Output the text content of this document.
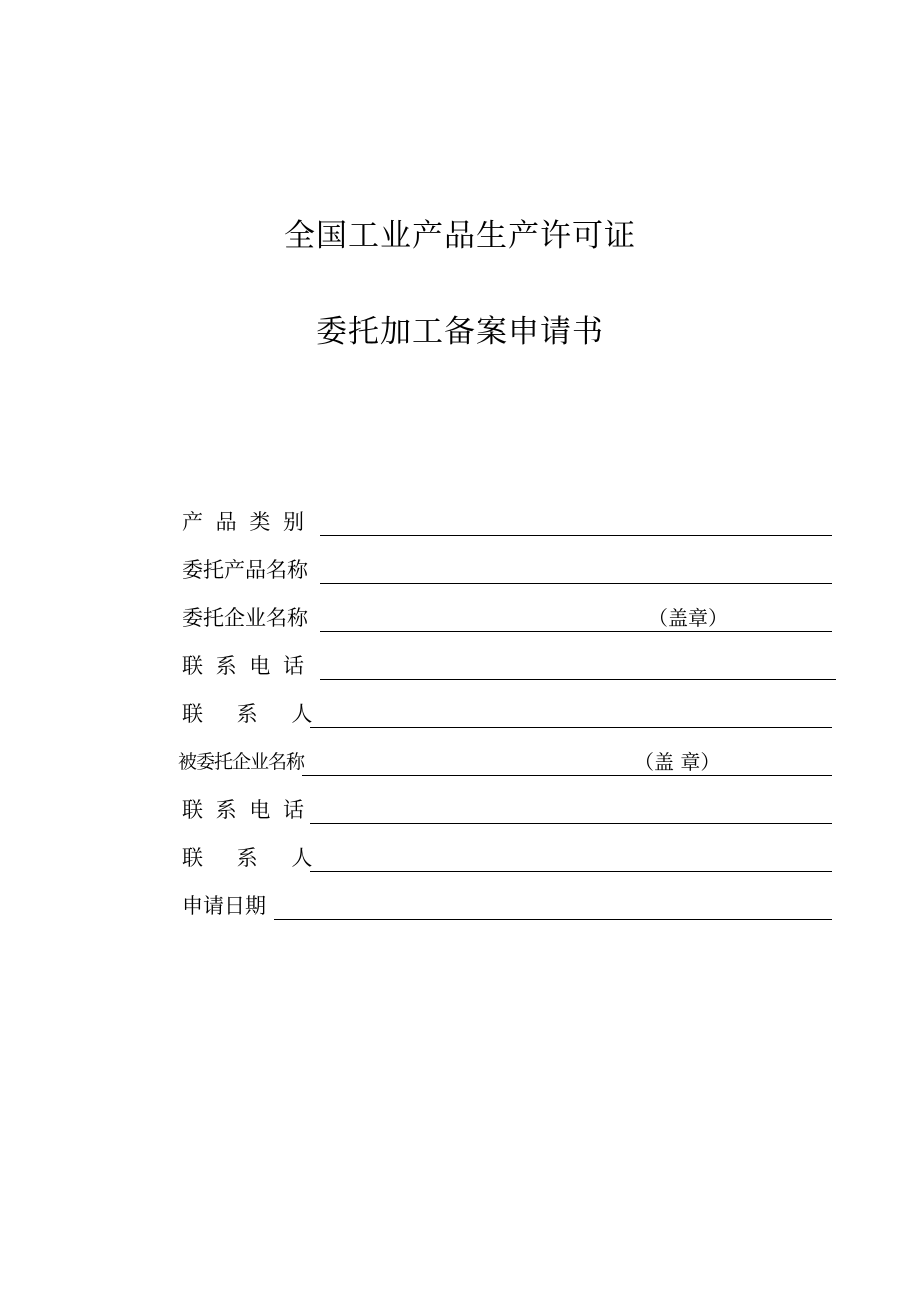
全国工业产品生产许可证
委托加工备案申请书
产 品 类 别
委托产品名称
委托企业名称	（盖章）
联 系 电 话
联　 系　 人
被委托企业名称	（盖 章）
联 系 电 话
联　 系　 人
申请日期
